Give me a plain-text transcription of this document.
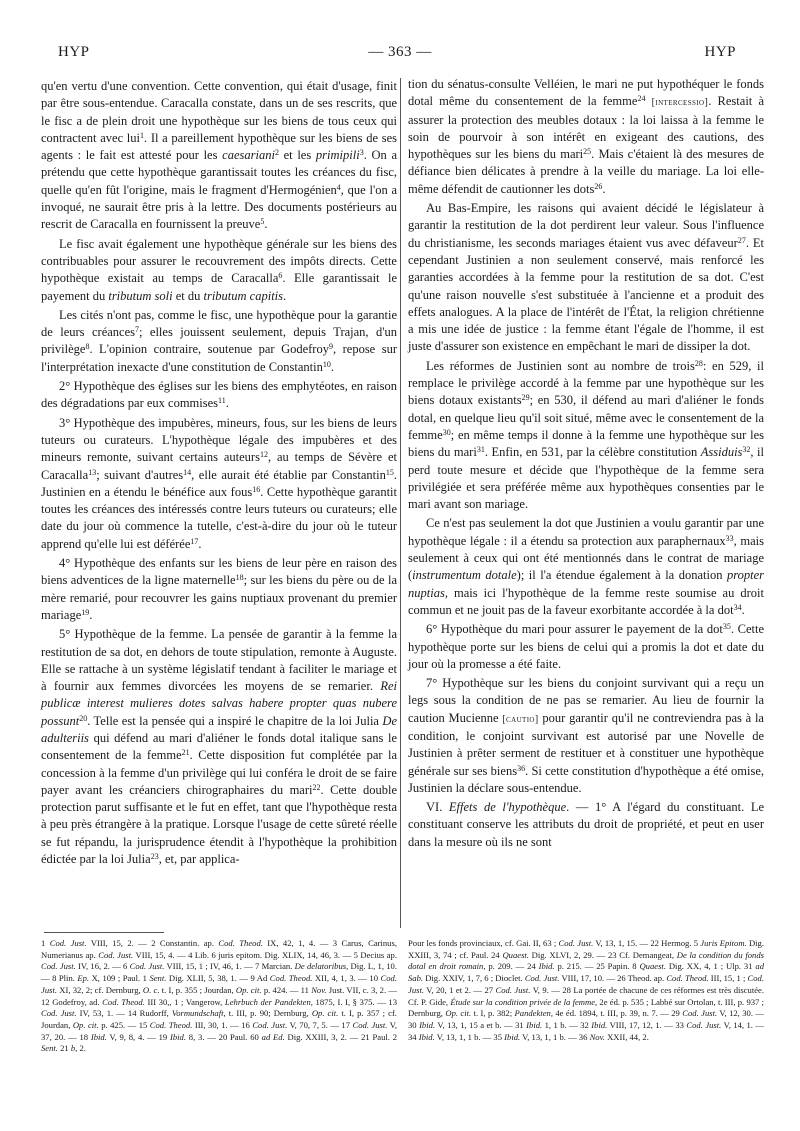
HYP	— 363 —	HYP

qu'en vertu d'une convention. Cette convention, qui était d'usage, finit par être sous-entendue. Caracalla constate, dans un de ses rescrits, que le fisc a de plein droit une hypothèque sur les biens de tous ceux qui contractent avec lui$^1$. Il a pareillement hypothèque sur les biens de ses agents : le fait est attesté pour les caesariani$^2$ et les primipili$^3$. On a prétendu que cette hypothèque garantissait toutes les créances du fisc, quelle qu'en fût l'origine, mais le fragment d'Hermogénien$^4$, que l'on a invoqué, ne saurait être pris à la lettre. Des documents postérieurs au rescrit de Caracalla en fournissent la preuve$^5$.

Le fisc avait également une hypothèque générale sur les biens des contribuables pour assurer le recouvrement des impôts directs. Cette hypothèque existait au temps de Caracalla$^6$. Elle garantissait le payement du tributum soli et du tributum capitis.

Les cités n'ont pas, comme le fisc, une hypothèque pour la garantie de leurs créances$^7$; elles jouissent seulement, depuis Trajan, d'un privilège$^8$. L'opinion contraire, soutenue par Godefroy$^9$, repose sur l'interprétation inexacte d'une constitution de Constantin$^{10}$.

2° Hypothèque des églises sur les biens des emphytéotes, en raison des dégradations par eux commises$^{11}$.

3° Hypothèque des impubères, mineurs, fous, sur les biens de leurs tuteurs ou curateurs. L'hypothèque légale des impubères et des mineurs remonte, suivant certains auteurs$^{12}$, au temps de Sévère et Caracalla$^{13}$; suivant d'autres$^{14}$, elle aurait été établie par Constantin$^{15}$. Justinien en a étendu le bénéfice aux fous$^{16}$. Cette hypothèque garantit toutes les créances des intéressés contre leurs tuteurs ou curateurs; elle date du jour où commence la tutelle, c'est-à-dire du jour où le tuteur apprend qu'elle lui est déférée$^{17}$.

4° Hypothèque des enfants sur les biens de leur père en raison des biens adventices de la ligne maternelle$^{18}$; sur les biens du père ou de la mère remarié, pour recouvrer les gains nuptiaux provenant du premier mariage$^{19}$.

5° Hypothèque de la femme. La pensée de garantir à la femme la restitution de sa dot, en dehors de toute stipulation, remonte à Auguste. Elle se rattache à un système législatif tendant à faciliter le mariage et à fournir aux femmes divorcées les moyens de se remarier. Rei publicæ interest mulieres dotes salvas habere propter quas nubere possunt$^{20}$. Telle est la pensée qui a inspiré le chapitre de la loi Julia De adulteriis qui défend au mari d'aliéner le fonds dotal italique sans le consentement de la femme$^{21}$. Cette disposition fut complétée par la concession à la femme d'un privilège qui lui conféra le droit de se faire payer avant les créanciers chirographaires du mari$^{22}$. Cette double protection parut suffisante et le fut en effet, tant que l'hypothèque resta à peu près étrangère à la pratique. Lorsque l'usage de cette sûreté réelle se fut répandu, la jurisprudence étendit à l'hypothèque la prohibition édictée par la loi Julia$^{23}$, et, par applica-

tion du sénatus-consulte Velléien, le mari ne put hypothéquer le fonds dotal même du consentement de la femme$^{24}$ [intercessio]. Restait à assurer la protection des meubles dotaux : la loi laissa à la femme le soin de pourvoir à son intérêt en exigeant des cautions, des hypothèques sur les biens du mari$^{25}$. Mais c'étaient là des mesures de défiance bien délicates à prendre à la veille du mariage. La loi elle-même défendit de cautionner les dots$^{26}$.

Au Bas-Empire, les raisons qui avaient décidé le législateur à garantir la restitution de la dot perdirent leur valeur. Sous l'influence du christianisme, les seconds mariages étaient vus avec défaveur$^{27}$. Et cependant Justinien a non seulement conservé, mais renforcé les garanties accordées à la femme pour la restitution de sa dot. C'est qu'une raison nouvelle s'est substituée à l'ancienne et a produit des effets analogues. A la place de l'intérêt de l'État, la religion chrétienne a mis une idée de justice : la femme étant l'égale de l'homme, il est juste d'assurer son existence en empêchant le mari de dissiper la dot.

Les réformes de Justinien sont au nombre de trois$^{28}$: en 529, il remplace le privilège accordé à la femme par une hypothèque sur les biens dotaux existants$^{29}$; en 530, il défend au mari d'aliéner le fonds dotal, en quelque lieu qu'il soit situé, même avec le consentement de la femme$^{30}$; en même temps il donne à la femme une hypothèque sur les biens du mari$^{31}$. Enfin, en 531, par la célèbre constitution Assiduis$^{32}$, il perd toute mesure et décide que l'hypothèque de la femme sera privilégiée et sera préférée même aux hypothèques consenties par le mari avant son mariage.

Ce n'est pas seulement la dot que Justinien a voulu garantir par une hypothèque légale : il a étendu sa protection aux paraphernaux$^{33}$, mais seulement à ceux qui ont été mentionnés dans le contrat de mariage (instrumentum dotale); il l'a étendue également à la donation propter nuptias, mais ici l'hypothèque de la femme reste soumise au droit commun et ne jouit pas de la faveur exorbitante accordée à la dot$^{34}$.

6° Hypothèque du mari pour assurer le payement de la dot$^{35}$. Cette hypothèque porte sur les biens de celui qui a promis la dot et date du jour où la promesse a été faite.

7° Hypothèque sur les biens du conjoint survivant qui a reçu un legs sous la condition de ne pas se remarier. Au lieu de fournir la caution Mucienne [cautio] pour garantir qu'il ne contreviendra pas à la condition, le conjoint survivant est autorisé par une Novelle de Justinien à prêter serment de restituer et à constituer une hypothèque générale sur ses biens$^{36}$. Si cette constitution d'hypothèque a été omise, Justinien la déclare sous-entendue.

VI. Effets de l'hypothèque. — 1° A l'égard du constituant. Le constituant conserve les attributs du droit de propriété, et peut en user dans la mesure où ils ne sont

1 Cod. Just. VIII, 15, 2. — 2 Constantin. ap. Cod. Theod. IX, 42, 1, 4. — 3 Carus, Carinus, Numerianus ap. Cod. Just. VIII, 15, 4. — 4 Lib. 6 juris epitom. Dig. XLIX, 14, 46, 3. — 5 Decius ap. Cod. Just. IV, 16, 2. — 6 Cod. Just. VIII, 15, 1 ; IV, 46, 1. — 7 Marcian. De delatoribus, Dig. L, 1, 10. — 8 Plin. Ep. X, 109 ; Paul. 1 Sent. Dig. XLII, 5, 38, 1. — 9 Ad Cod. Theod. XII, 4, 1, 3. — 10 Cod. Just. XI, 32, 2; cf. Dernburg, O. c. t. I, p. 355 ; Jourdan, Op. cit. p. 424. — 11 Nov. Just. VII, c. 3, 2. — 12 Godefroy, ad. Cod. Theod. III 30,, 1 ; Vangerow, Lehrbuch der Pandekten, 1875, I. I, § 375. — 13 Cod. Just. IV, 53, 1. — 14 Rudorff, Vormundschaft, t. III, p. 90; Dernburg, Op. cit. t. I, p. 357 ; cf. Jourdan, Op. cit. p. 425. — 15 Cod. Theod. III, 30, 1. — 16 Cod. Just. V, 70, 7, 5. — 17 Cod. Just. V, 37, 20. — 18 Ibid. V, 9, 8, 4. — 19 Ibid. 8, 3. — 20 Paul. 60 ad Ed. Dig. XXIII, 3, 2. — 21 Paul. 2 Sent. 21 b, 2.
Pour les fonds provinciaux, cf. Gai. II, 63 ; Cod. Just. V, 13, 1, 15. — 22 Hermog. 5 Juris Epitom. Dig. XXIII, 3, 74 ; cf. Paul. 24 Quaest. Dig. XLVI, 2, 29. — 23 Cf. Demangeat, De la condition du fonds dotal en droit romain, p. 209. — 24 Ibid. p. 215. — 25 Papin. 8 Quaest. Dig. XX, 4, 1 ; Ulp. 31 ad Sab. Dig. XXIV, 1, 7, 6 ; Dioclet. Cod. Just. VIII, 17, 10. — 26 Theod. ap. Cod. Theod. III, 15, 1 ; Cod. Just. V, 20, 1 et 2. — 27 Cod. Just. V, 9. — 28 La portée de chacune de ces réformes est très discutée. Cf. P. Gide, Étude sur la condition privée de la femme, 2e éd. p. 535 ; Labbé sur Ortolan, t. III, p. 937 ; Dernburg, Op. cit. t. I, p. 382; Pandekten, 4e éd. 1894, t. III, p. 39, n. 7. — 29 Cod. Just. V, 12, 30. — 30 Ibid. V, 13, 1, 15 a et b. — 31 Ibid. 1, 1 b. — 32 Ibid. VIII, 17, 12, 1. — 33 Cod. Just. V, 14, 1. — 34 Ibid. V, 13, 1, 1 b. — 35 Ibid. V, 13, 1, 1 b. — 36 Nov. XXII, 44, 2.
